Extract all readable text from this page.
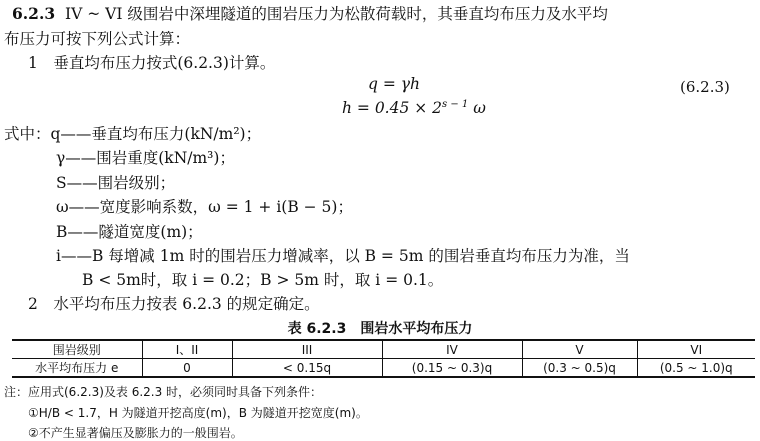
6.2.3 IV ~ VI 级围岩中深埋隧道的围岩压力为松散荷载时，其垂直均布压力及水平均
布压力可按下列公式计算：
1　垂直均布压力按式(6.2.3)计算。
q = γh
$h = 0.45 \times 2^{s - 1}$ ω
(6.2.3)
式中：q——垂直均布压力(kN/m²)；
γ——围岩重度(kN/m³)；
S——围岩级别；
ω——宽度影响系数，ω = 1 + i(B − 5)；
B——隧道宽度(m)；
i——B 每增减 1m 时的围岩压力增减率，以 B = 5m 的围岩垂直均布压力为准，当
B < 5m时，取 i = 0.2；B > 5m 时，取 i = 0.1。
2　水平均布压力按表 6.2.3 的规定确定。
表 6.2.3　围岩水平均布压力
围岩级别	I、II	III	IV	V	VI
水平均布压力 e	0	< 0.15q	(0.15 ~ 0.3)q	(0.3 ~ 0.5)q	(0.5 ~ 1.0)q
注：应用式(6.2.3)及表 6.2.3 时，必须同时具备下列条件：
①H/B < 1.7，H 为隧道开挖高度(m)，B 为隧道开挖宽度(m)。
②不产生显著偏压及膨胀力的一般围岩。
